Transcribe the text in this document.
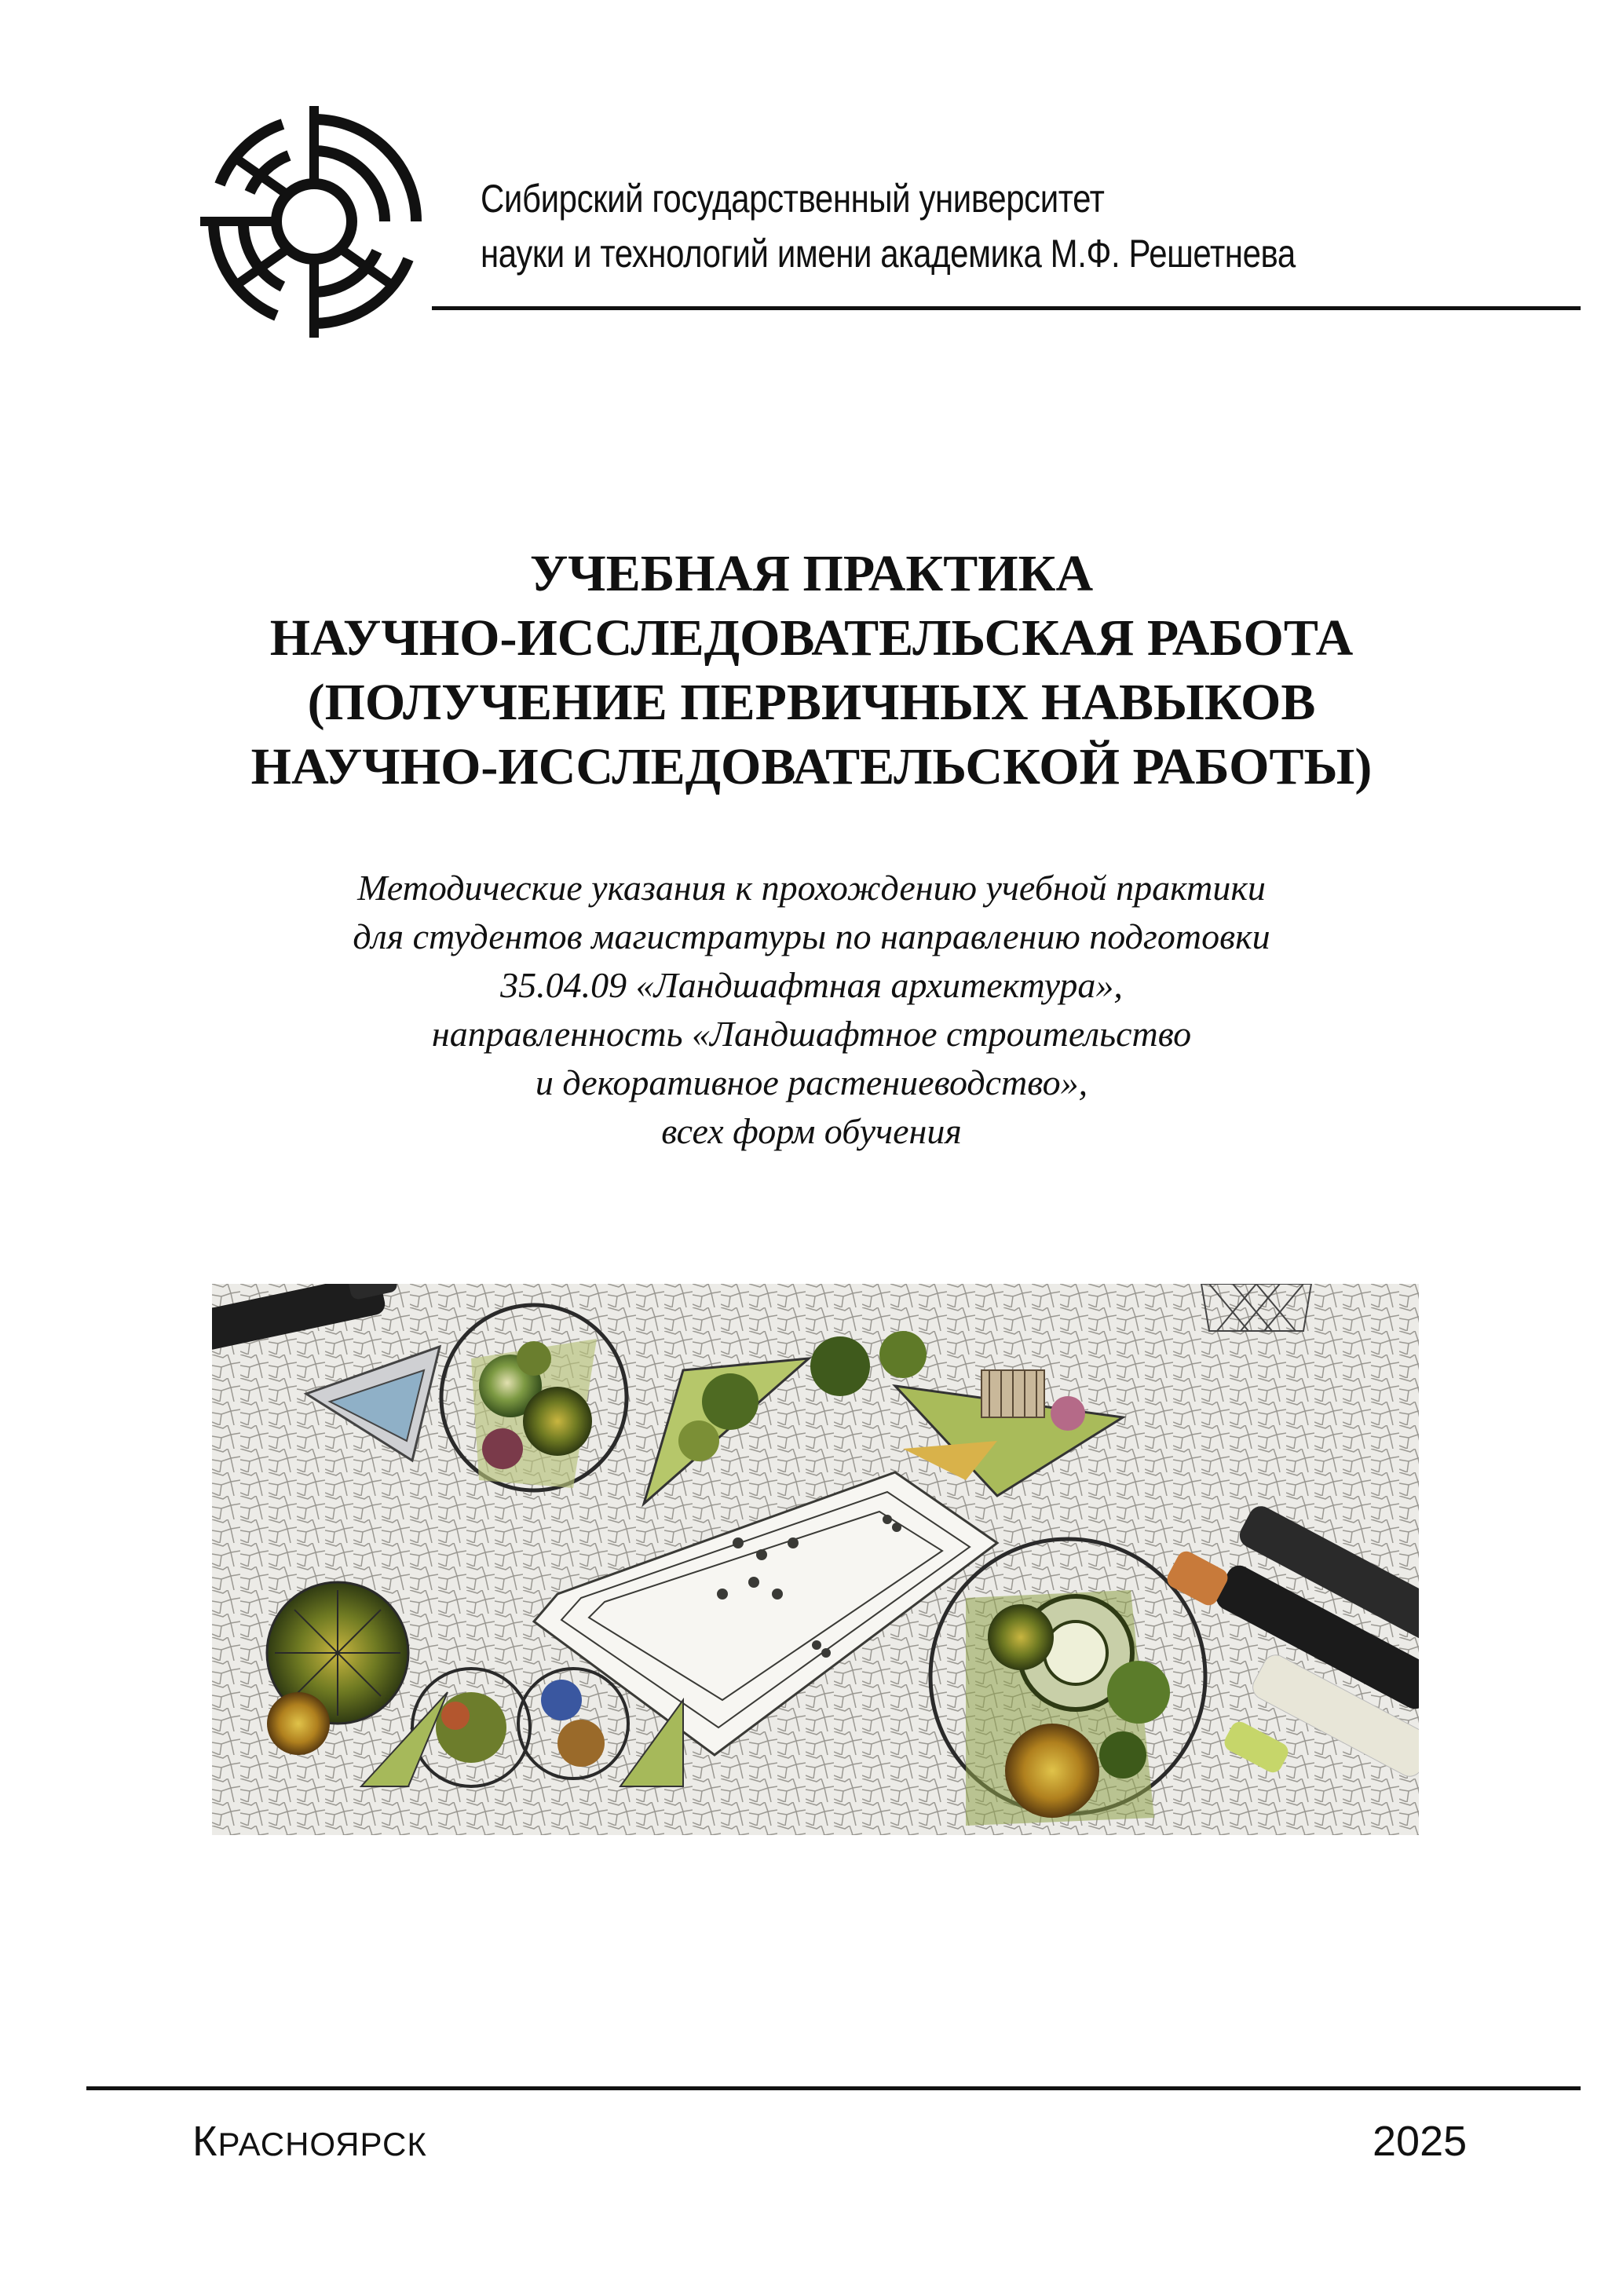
Сибирский государственный университет
науки и технологий имени академика М.Ф. Решетнева
УЧЕБНАЯ ПРАКТИКА
НАУЧНО-ИССЛЕДОВАТЕЛЬСКАЯ РАБОТА
(ПОЛУЧЕНИЕ ПЕРВИЧНЫХ НАВЫКОВ
НАУЧНО-ИССЛЕДОВАТЕЛЬСКОЙ РАБОТЫ)
Методические указания к прохождению учебной практики
для студентов магистратуры по направлению подготовки
35.04.09 «Ландшафтная архитектура»,
направленность «Ландшафтное строительство
и декоративное растениеводство»,
всех форм обучения
КРАСНОЯРСК	2025
